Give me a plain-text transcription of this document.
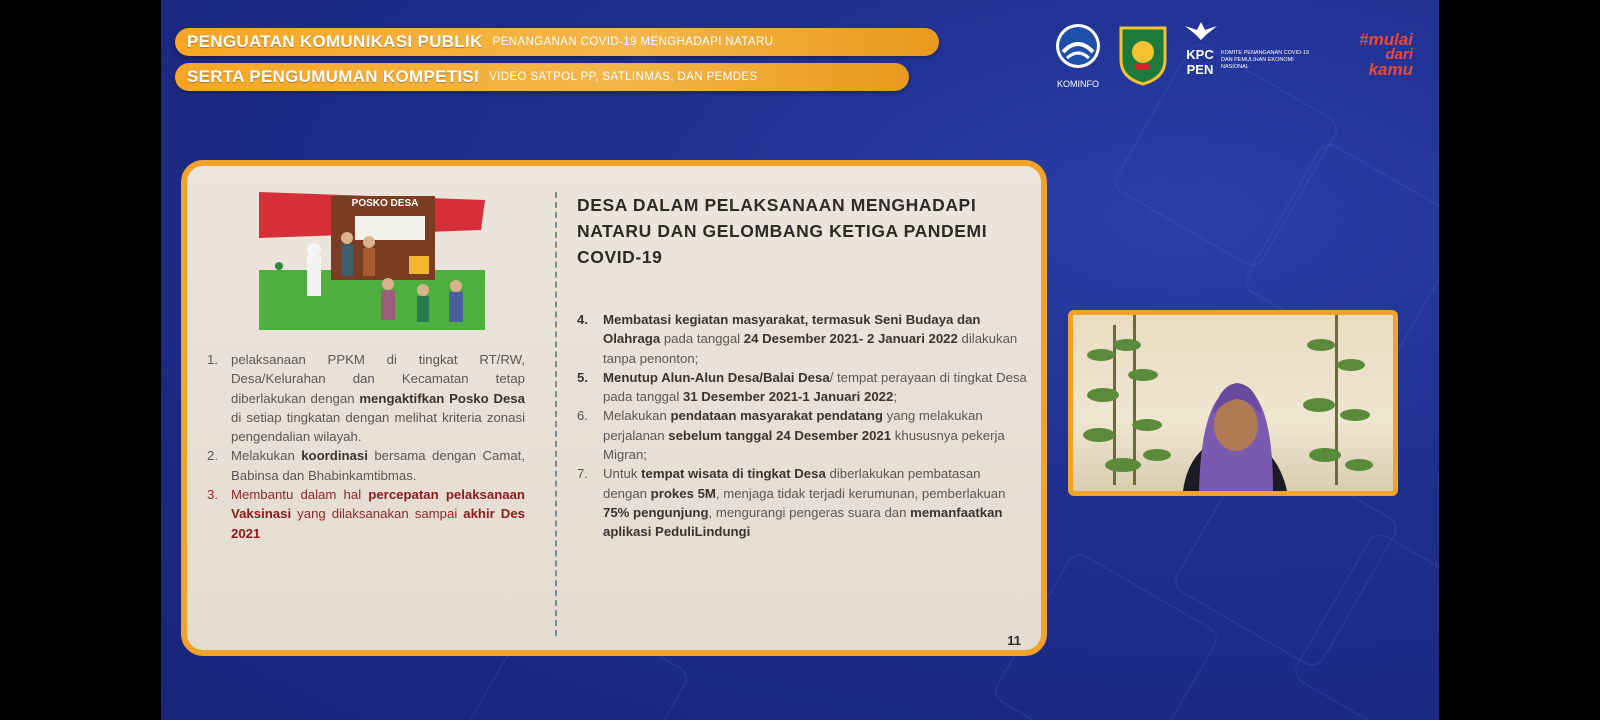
PENGUATAN KOMUNIKASI PUBLIK PENANGANAN COVID-19 MENGHADAPI NATARU
SERTA PENGUMUMAN KOMPETISI VIDEO SATPOL PP, SATLINMAS, DAN PEMDES
KOMINFO
KPC PEN
KOMITE PENANGANAN COVID-19 DAN PEMULIHAN EKONOMI NASIONAL
#mulai
dari
kamu
POSKO DESA
1. pelaksanaan PPKM di tingkat RT/RW, Desa/Kelurahan dan Kecamatan tetap diberlakukan dengan mengaktifkan Posko Desa di setiap tingkatan dengan melihat kriteria zonasi pengendalian wilayah.
2. Melakukan koordinasi bersama dengan Camat, Babinsa dan Bhabinkamtibmas.
3. Membantu dalam hal percepatan pelaksanaan Vaksinasi yang dilaksanakan sampai akhir Des 2021
DESA DALAM PELAKSANAAN MENGHADAPI NATARU DAN GELOMBANG KETIGA PANDEMI COVID-19
4. Membatasi kegiatan masyarakat, termasuk Seni Budaya dan Olahraga pada tanggal 24 Desember 2021- 2 Januari 2022 dilakukan tanpa penonton;
5. Menutup Alun-Alun Desa/Balai Desa/ tempat perayaan di tingkat Desa pada tanggal 31 Desember 2021-1 Januari 2022;
6. Melakukan pendataan masyarakat pendatang yang melakukan perjalanan sebelum tanggal 24 Desember 2021 khususnya pekerja Migran;
7. Untuk tempat wisata di tingkat Desa diberlakukan pembatasan dengan prokes 5M, menjaga tidak terjadi kerumunan, pemberlakuan 75% pengunjung, mengurangi pengeras suara dan memanfaatkan aplikasi PeduliLindungi
11
